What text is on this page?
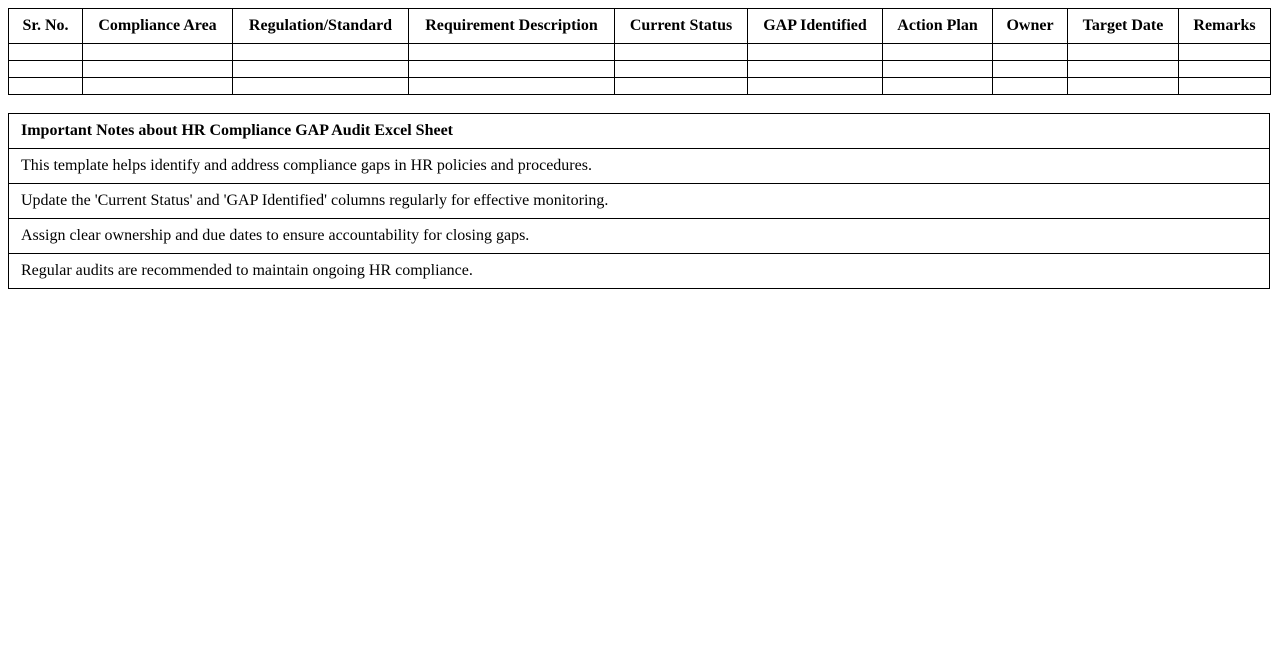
Sr. No.	Compliance Area	Regulation/Standard	Requirement Description	Current Status	GAP Identified	Action Plan	Owner	Target Date	Remarks

Important Notes about HR Compliance GAP Audit Excel Sheet
This template helps identify and address compliance gaps in HR policies and procedures.
Update the 'Current Status' and 'GAP Identified' columns regularly for effective monitoring.
Assign clear ownership and due dates to ensure accountability for closing gaps.
Regular audits are recommended to maintain ongoing HR compliance.
